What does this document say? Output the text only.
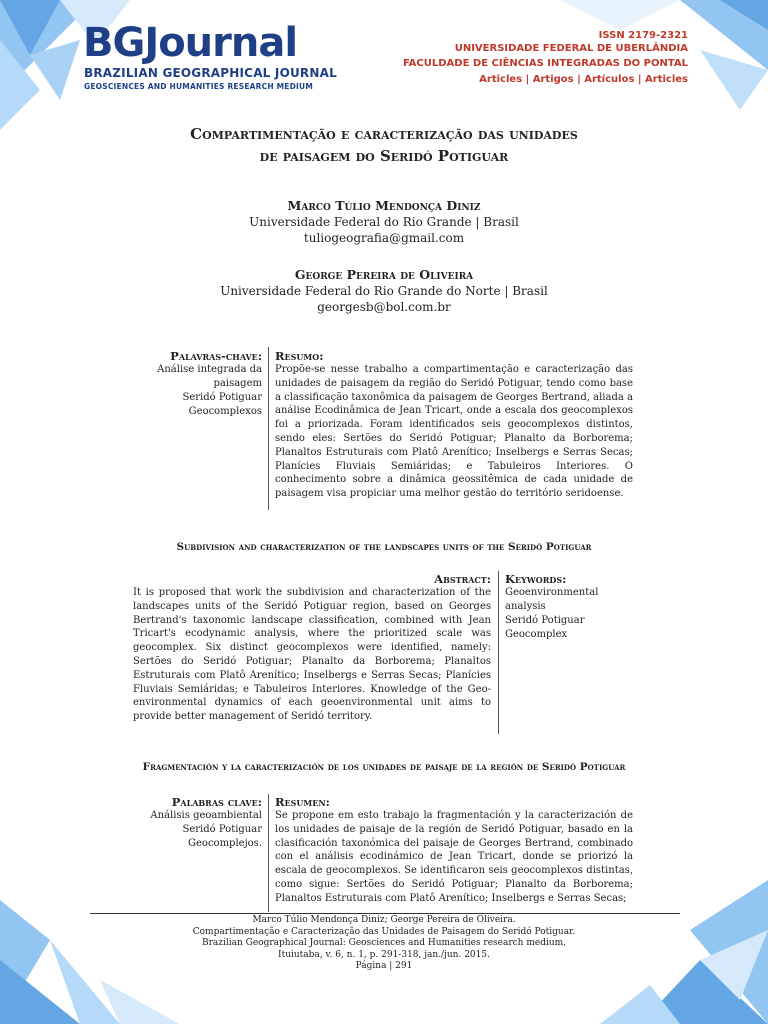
BGJournal
BRAZILIAN GEOGRAPHICAL JOURNAL
GEOSCIENCES AND HUMANITIES RESEARCH MEDIUM
ISSN 2179-2321
UNIVERSIDADE FEDERAL DE UBERLÂNDIA
FACULDADE DE CIÊNCIAS INTEGRADAS DO PONTAL
Articles | Artigos | Artículos | Articles
Compartimentação e caracterização das unidades
de paisagem do Seridó Potiguar
Marco Túlio Mendonça Diniz
Universidade Federal do Rio Grande | Brasil
tuliogeografia@gmail.com
George Pereira de Oliveira
Universidade Federal do Rio Grande do Norte | Brasil
georgesb@bol.com.br
Palavras-chave:
Análise integrada da paisagem
Seridó Potiguar
Geocomplexos
Resumo:
Propõe-se nesse trabalho a compartimentação e caracterização das unidades de paisagem da região do Seridó Potiguar, tendo como base a classificação taxonômica da paisagem de Georges Bertrand, aliada a análise Ecodinâmica de Jean Tricart, onde a escala dos geocomplexos foi a priorizada. Foram identificados seis geocomplexos distintos, sendo eles: Sertões do Seridó Potiguar; Planalto da Borborema; Planaltos Estruturais com Platô Arenítico; Inselbergs e Serras Secas; Planícies Fluviais Semiáridas; e Tabuleiros Interiores. O conhecimento sobre a dinâmica geossitêmica de cada unidade de paisagem visa propiciar uma melhor gestão do território seridoense.
Subdivision and characterization of the landscapes units of the Seridó Potiguar
Abstract:
It is proposed that work the subdivision and characterization of the landscapes units of the Seridó Potiguar region, based on Georges Bertrand's taxonomic landscape classification, combined with Jean Tricart's ecodynamic analysis, where the prioritized scale was geocomplex. Six distinct geocomplexos were identified, namely: Sertões do Seridó Potiguar; Planalto da Borborema; Planaltos Estruturais com Platô Arenítico; Inselbergs e Serras Secas; Planícies Fluviais Semiáridas; e Tabuleiros Interiores. Knowledge of the Geo-environmental dynamics of each geoenvironmental unit aims to provide better management of Seridó territory.
Keywords:
Geoenvironmental analysis
Seridó Potiguar
Geocomplex
Fragmentación y la caracterización de los unidades de paisaje de la región de Seridó Potiguar
Palabras clave:
Análisis geoambiental
Seridó Potiguar
Geocomplejos.
Resumen:
Se propone em esto trabajo la fragmentación y la caracterización de los unidades de paisaje de la región de Seridó Potiguar, basado en la clasificación taxonómica del paisaje de Georges Bertrand, combinado con el análisis ecodinámico de Jean Tricart, donde se priorizó la escala de geocomplexos. Se identificaron seis geocomplexos distintas, como sigue: Sertões do Seridó Potiguar; Planalto da Borborema; Planaltos Estruturais com Platô Arenítico; Inselbergs e Serras Secas;
Marco Túlio Mendonça Diniz; George Pereira de Oliveira.
Compartimentação e Caracterização das Unidades de Paisagem do Seridó Potiguar.
Brazilian Geographical Journal: Geosciences and Humanities research medium,
Ituiutaba, v. 6, n. 1, p. 291-318, jan./jun. 2015.
Página | 291
